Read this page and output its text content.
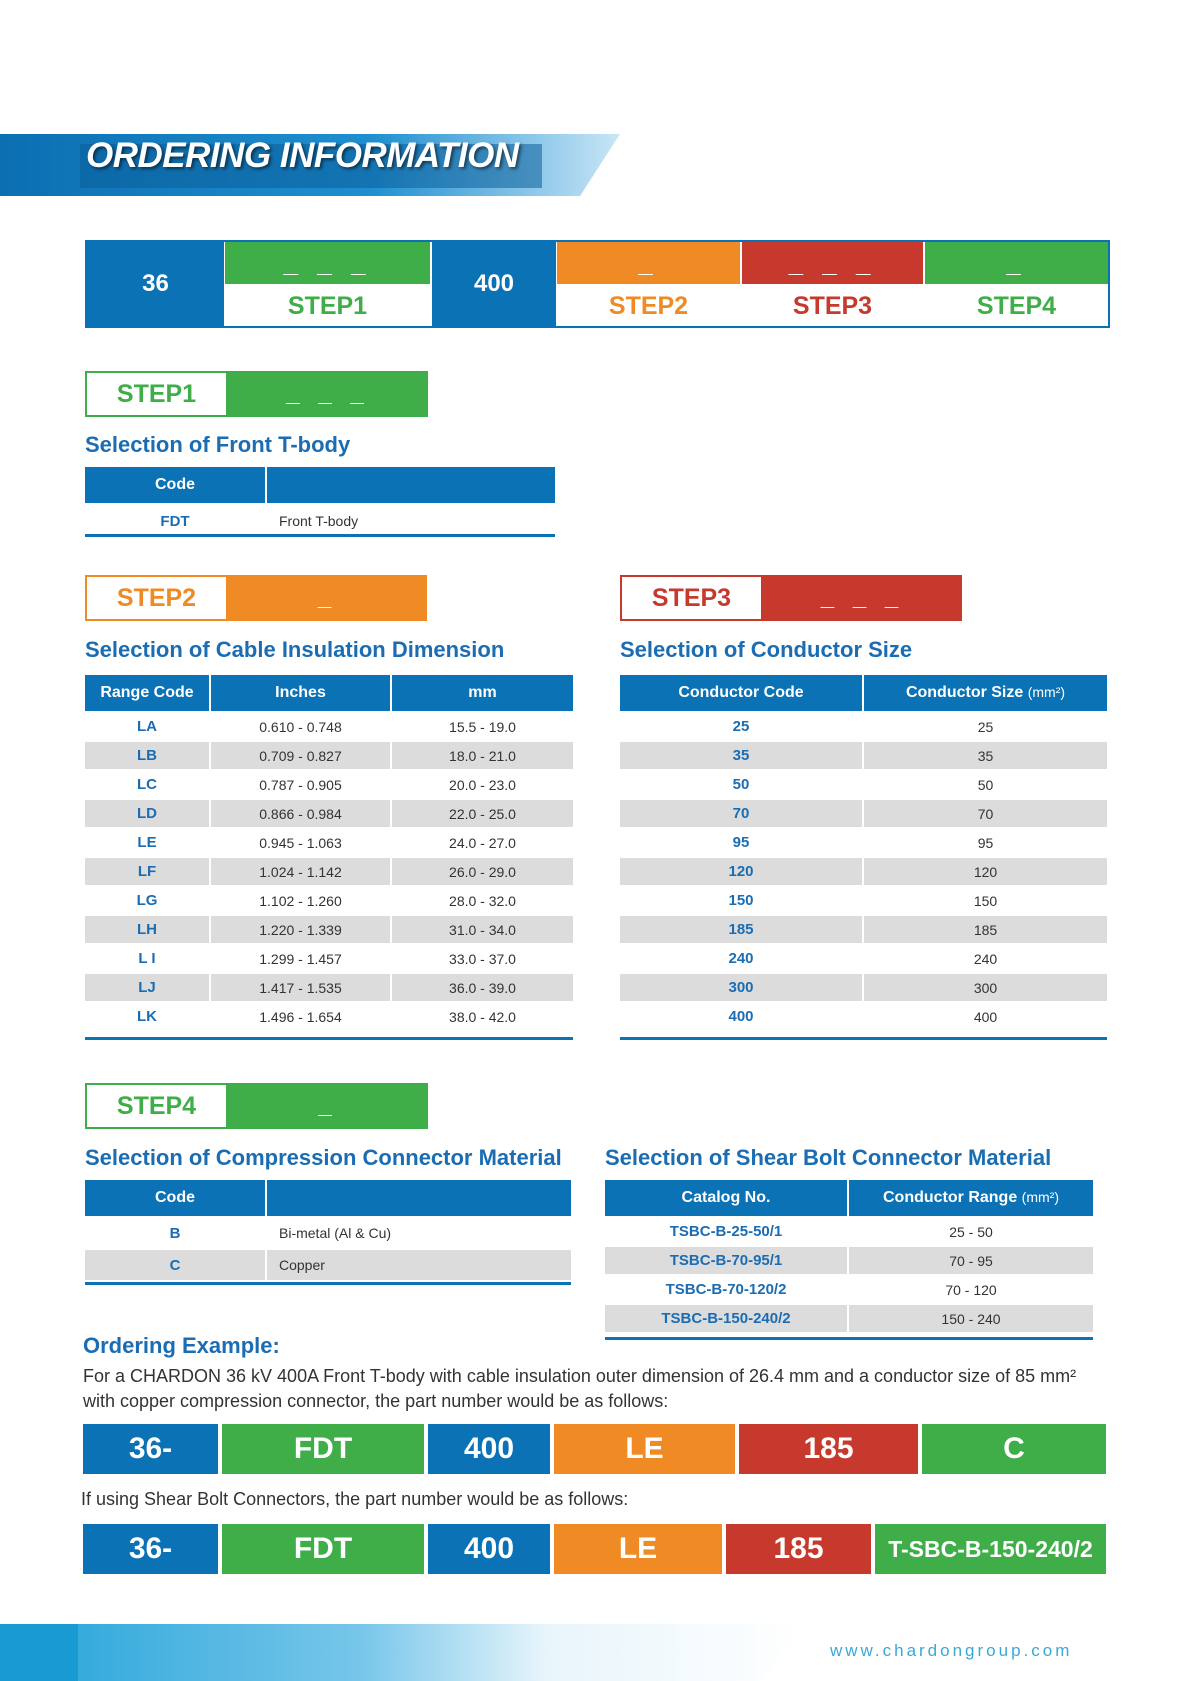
ORDERING INFORMATION
36
_ _ _
STEP1
400
_
STEP2
_ _ _
STEP3
_
STEP4
STEP1	_ _ _
Selection of Front T-body
Code	
FDT	Front T-body
STEP2	_
Selection of Cable Insulation Dimension
Range Code	Inches	mm
LA	0.610 - 0.748	15.5 - 19.0
LB	0.709 - 0.827	18.0 - 21.0
LC	0.787 - 0.905	20.0 - 23.0
LD	0.866 - 0.984	22.0 - 25.0
LE	0.945 - 1.063	24.0 - 27.0
LF	1.024 - 1.142	26.0 - 29.0
LG	1.102 - 1.260	28.0 - 32.0
LH	1.220 - 1.339	31.0 - 34.0
L I	1.299 - 1.457	33.0 - 37.0
LJ	1.417 - 1.535	36.0 - 39.0
LK	1.496 - 1.654	38.0 - 42.0
STEP3	_ _ _
Selection of Conductor Size
Conductor Code	Conductor Size (mm²)
25	25
35	35
50	50
70	70
95	95
120	120
150	150
185	185
240	240
300	300
400	400
STEP4	_
Selection of Compression Connector Material
Code	
B	Bi-metal (Al & Cu)
C	Copper
Selection of Shear Bolt Connector Material
Catalog No.	Conductor Range (mm²)
TSBC-B-25-50/1	25 - 50
TSBC-B-70-95/1	70 - 95
TSBC-B-70-120/2	70 - 120
TSBC-B-150-240/2	150 - 240
Ordering Example:
For a CHARDON 36 kV 400A Front T-body with cable insulation outer dimension of 26.4 mm and a conductor size of 85 mm²
with copper compression connector, the part number would be as follows:
36-	FDT	400	LE	185	C
If using Shear Bolt Connectors, the part number would be as follows:
36-	FDT	400	LE	185	T-SBC-B-150-240/2
www.chardongroup.com
